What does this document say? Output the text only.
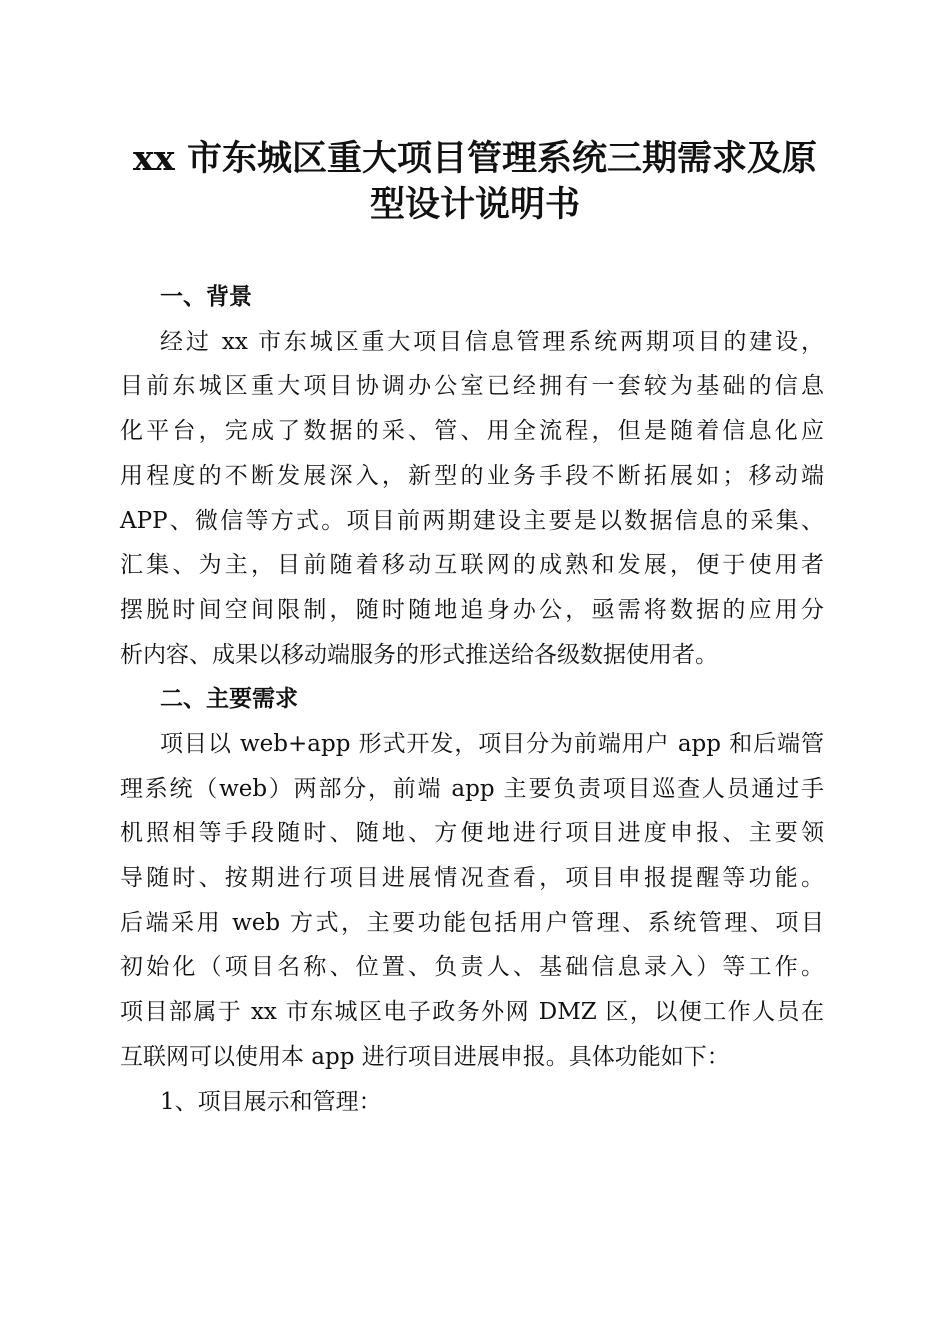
xx 市东城区重大项目管理系统三期需求及原
型设计说明书
一、背景

经过 xx 市东城区重大项目信息管理系统两期项目的建设，

目前东城区重大项目协调办公室已经拥有一套较为基础的信息

化平台，完成了数据的采、管、用全流程，但是随着信息化应

用程度的不断发展深入，新型的业务手段不断拓展如；移动端

APP、微信等方式。项目前两期建设主要是以数据信息的采集、

汇集、为主，目前随着移动互联网的成熟和发展，便于使用者

摆脱时间空间限制，随时随地追身办公，亟需将数据的应用分

析内容、成果以移动端服务的形式推送给各级数据使用者。

二、主要需求

项目以 web+app 形式开发，项目分为前端用户 app 和后端管

理系统（web）两部分，前端 app 主要负责项目巡查人员通过手

机照相等手段随时、随地、方便地进行项目进度申报、主要领

导随时、按期进行项目进展情况查看，项目申报提醒等功能。

后端采用 web 方式，主要功能包括用户管理、系统管理、项目

初始化（项目名称、位置、负责人、基础信息录入）等工作。

项目部属于 xx 市东城区电子政务外网 DMZ 区，以便工作人员在

互联网可以使用本 app 进行项目进展申报。具体功能如下：

1、项目展示和管理：
